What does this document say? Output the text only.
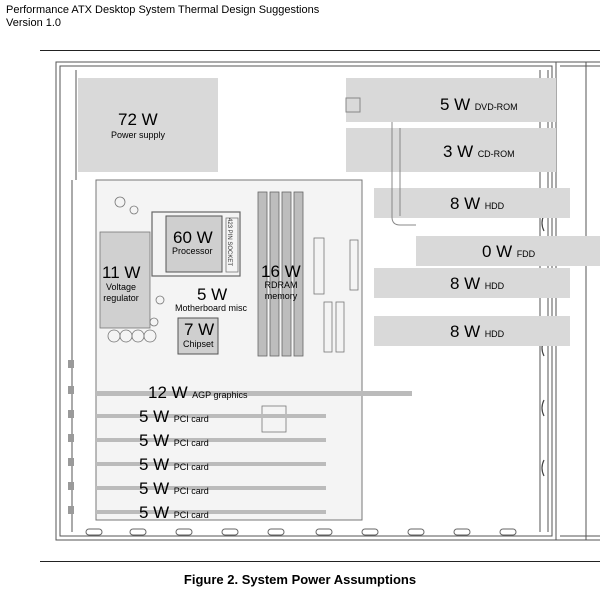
Performance ATX Desktop System Thermal Design Suggestions
Version 1.0
72 W
Power supply
5 W DVD-ROM
3 W CD-ROM
8 W HDD
0 W FDD
8 W HDD
8 W HDD
60 W
Processor 423 PIN SOCKET
11 W
Voltage
regulator	5 W
Motherboard misc
7 W
Chipset
16 W
RDRAM
memory
12 W AGP graphics
5 W PCI card
5 W PCI card
5 W PCI card
5 W PCI card
5 W PCI card
Figure 2. System Power Assumptions
